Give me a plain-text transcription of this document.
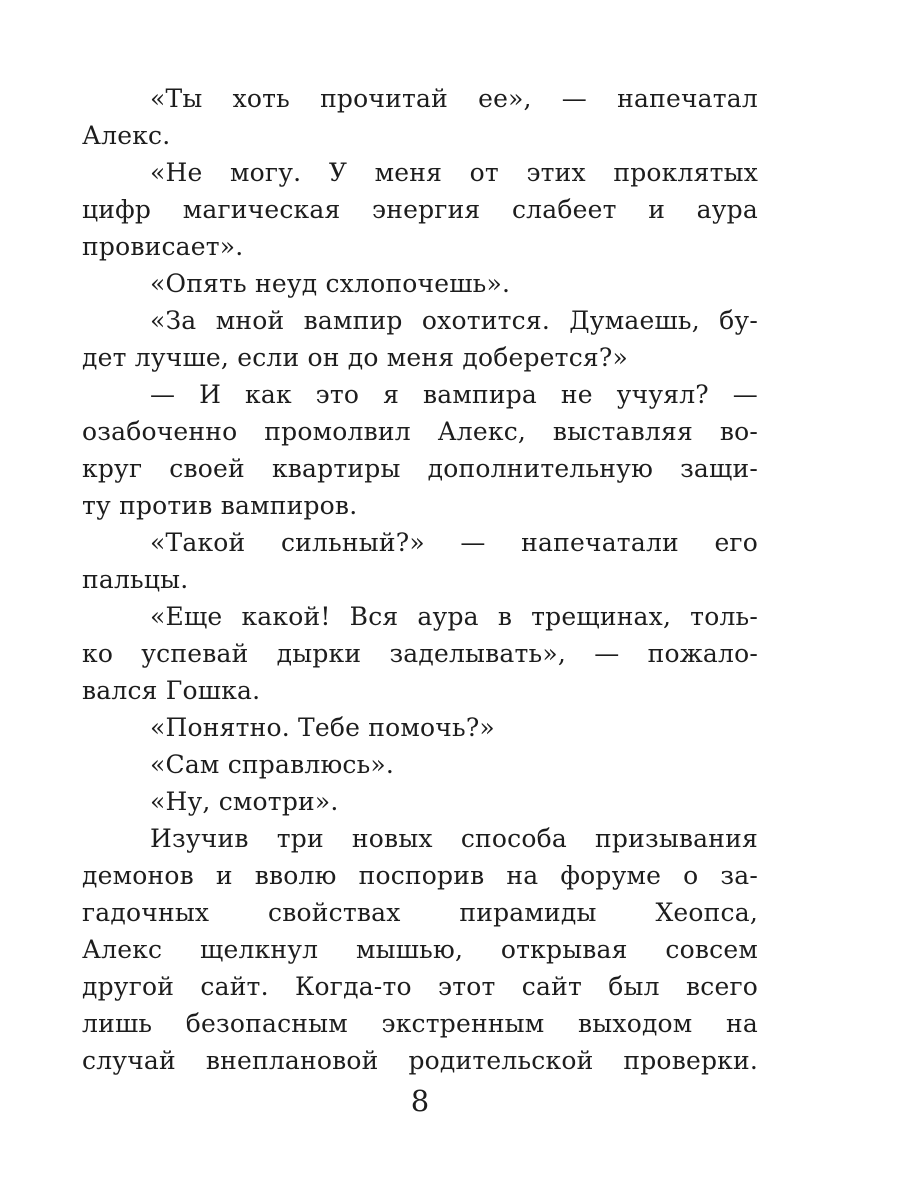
«Ты хоть прочитай ее», — напечатал
Алекс.
«Не могу. У меня от этих проклятых
цифр магическая энергия слабеет и аура
провисает».
«Опять неуд схлопочешь».
«За мной вампир охотится. Думаешь, бу-
дет лучше, если он до меня доберется?»
— И как это я вампира не учуял? —
озабоченно промолвил Алекс, выставляя во-
круг своей квартиры дополнительную защи-
ту против вампиров.
«Такой сильный?» — напечатали его
пальцы.
«Еще какой! Вся аура в трещинах, толь-
ко успевай дырки заделывать», — пожало-
вался Гошка.
«Понятно. Тебе помочь?»
«Сам справлюсь».
«Ну, смотри».
Изучив три новых способа призывания
демонов и вволю поспорив на форуме о за-
гадочных свойствах пирамиды Хеопса,
Алекс щелкнул мышью, открывая совсем
другой сайт. Когда-то этот сайт был всего
лишь безопасным экстренным выходом на
случай внеплановой родительской проверки.
8
